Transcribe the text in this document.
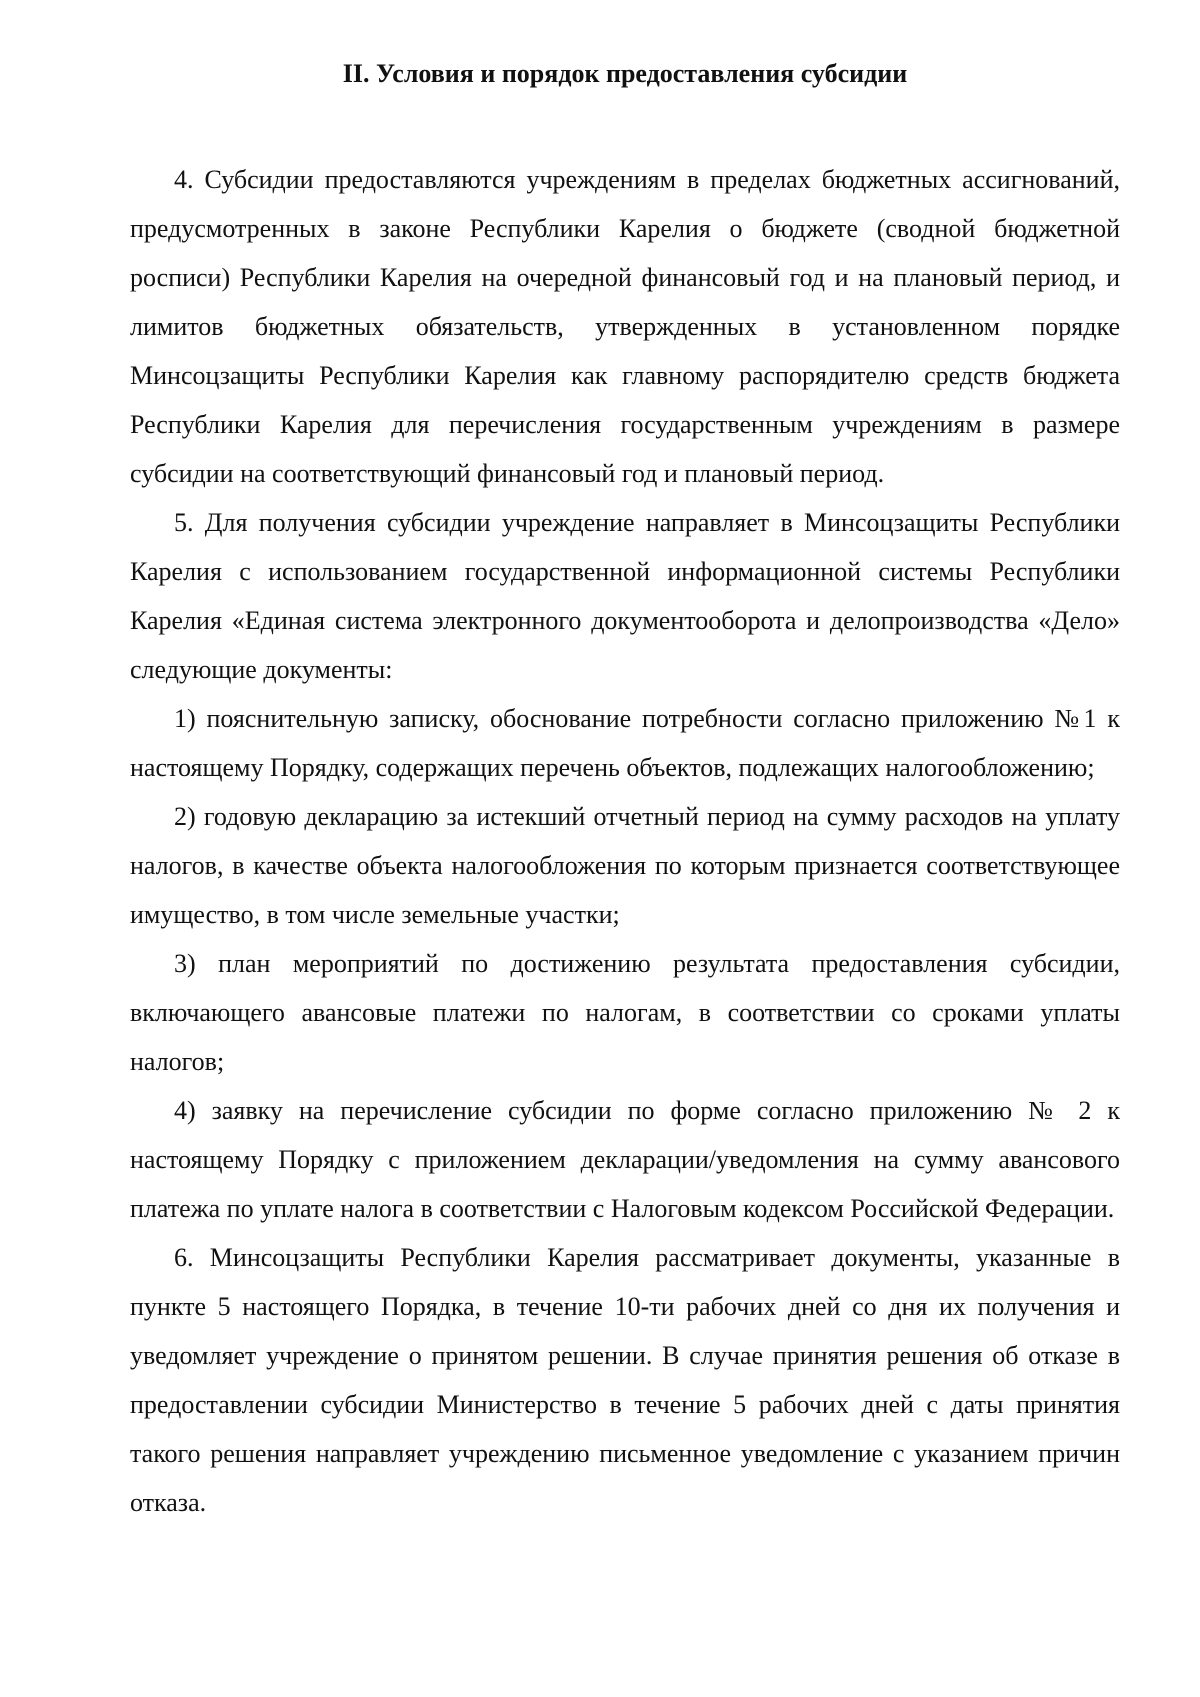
II. Условия и порядок предоставления субсидии

4. Субсидии предоставляются учреждениям в пределах бюджетных ассигнований, предусмотренных в законе Республики Карелия о бюджете (сводной бюджетной росписи) Республики Карелия на очередной финансовый год и на плановый период, и лимитов бюджетных обязательств, утвержденных в установленном порядке Минсоцзащиты Республики Карелия как главному распорядителю средств бюджета Республики Карелия для перечисления государственным учреждениям в размере субсидии на соответствующий финансовый год и плановый период.

5. Для получения субсидии учреждение направляет в Минсоцзащиты Республики Карелия с использованием государственной информационной системы Республики Карелия «Единая система электронного документооборота и делопроизводства «Дело» следующие документы:

1) пояснительную записку, обоснование потребности согласно приложению №1 к настоящему Порядку, содержащих перечень объектов, подлежащих налогообложению;

2) годовую декларацию за истекший отчетный период на сумму расходов на уплату налогов, в качестве объекта налогообложения по которым признается соответствующее имущество, в том числе земельные участки;

3) план мероприятий по достижению результата предоставления субсидии, включающего авансовые платежи по налогам, в соответствии со сроками уплаты налогов;

4) заявку на перечисление субсидии по форме согласно приложению № 2 к настоящему Порядку с приложением декларации/уведомления на сумму авансового платежа по уплате налога в соответствии с Налоговым кодексом Российской Федерации.

6. Минсоцзащиты Республики Карелия рассматривает документы, указанные в пункте 5 настоящего Порядка, в течение 10-ти рабочих дней со дня их получения и уведомляет учреждение о принятом решении. В случае принятия решения об отказе в предоставлении субсидии Министерство в течение 5 рабочих дней с даты принятия такого решения направляет учреждению письменное уведомление с указанием причин отказа.
